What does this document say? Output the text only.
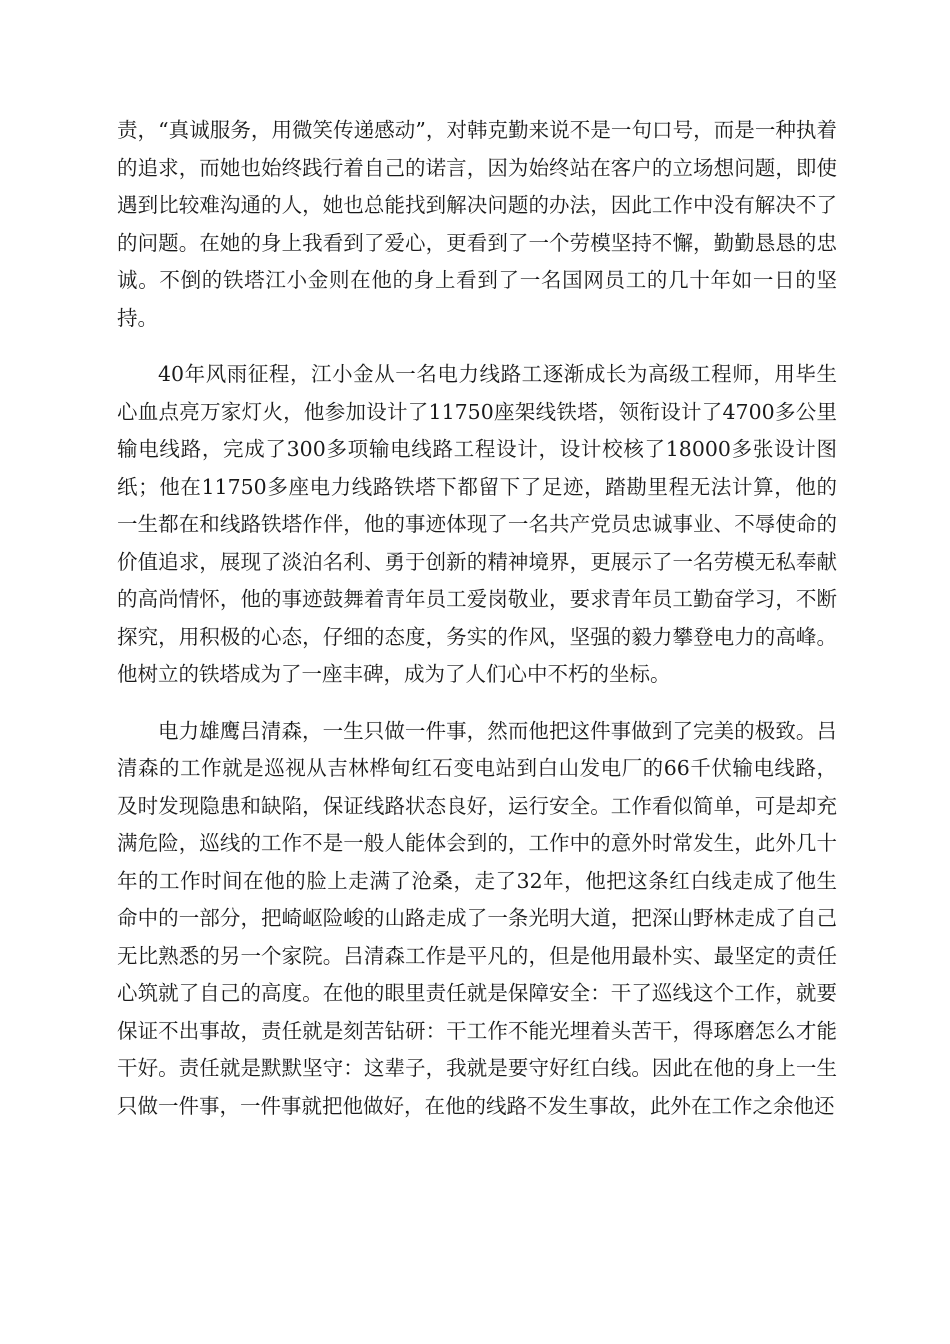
责，“真诚服务，用微笑传递感动”，对韩克勤来说不是一句口号，而是一种执着的追求，而她也始终践行着自己的诺言，因为始终站在客户的立场想问题，即使遇到比较难沟通的人，她也总能找到解决问题的办法，因此工作中没有解决不了的问题。在她的身上我看到了爱心，更看到了一个劳模坚持不懈，勤勤恳恳的忠诚。不倒的铁塔江小金则在他的身上看到了一名国网员工的几十年如一日的坚持。

40年风雨征程，江小金从一名电力线路工逐渐成长为高级工程师，用毕生心血点亮万家灯火，他参加设计了11750座架线铁塔，领衔设计了4700多公里输电线路，完成了300多项输电线路工程设计，设计校核了18000多张设计图纸；他在11750多座电力线路铁塔下都留下了足迹，踏勘里程无法计算，他的一生都在和线路铁塔作伴，他的事迹体现了一名共产党员忠诚事业、不辱使命的价值追求，展现了淡泊名利、勇于创新的精神境界，更展示了一名劳模无私奉献的高尚情怀，他的事迹鼓舞着青年员工爱岗敬业，要求青年员工勤奋学习，不断探究，用积极的心态，仔细的态度，务实的作风，坚强的毅力攀登电力的高峰。他树立的铁塔成为了一座丰碑，成为了人们心中不朽的坐标。

电力雄鹰吕清森，一生只做一件事，然而他把这件事做到了完美的极致。吕清森的工作就是巡视从吉林桦甸红石变电站到白山发电厂的66千伏输电线路，及时发现隐患和缺陷，保证线路状态良好，运行安全。工作看似简单，可是却充满危险，巡线的工作不是一般人能体会到的，工作中的意外时常发生，此外几十年的工作时间在他的脸上走满了沧桑，走了32年，他把这条红白线走成了他生命中的一部分，把崎岖险峻的山路走成了一条光明大道，把深山野林走成了自己无比熟悉的另一个家院。吕清森工作是平凡的，但是他用最朴实、最坚定的责任心筑就了自己的高度。在他的眼里责任就是保障安全：干了巡线这个工作，就要保证不出事故，责任就是刻苦钻研：干工作不能光埋着头苦干，得琢磨怎么才能干好。责任就是默默坚守：这辈子，我就是要守好红白线。因此在他的身上一生只做一件事，一件事就把他做好，在他的线路不发生事故，此外在工作之余他还
